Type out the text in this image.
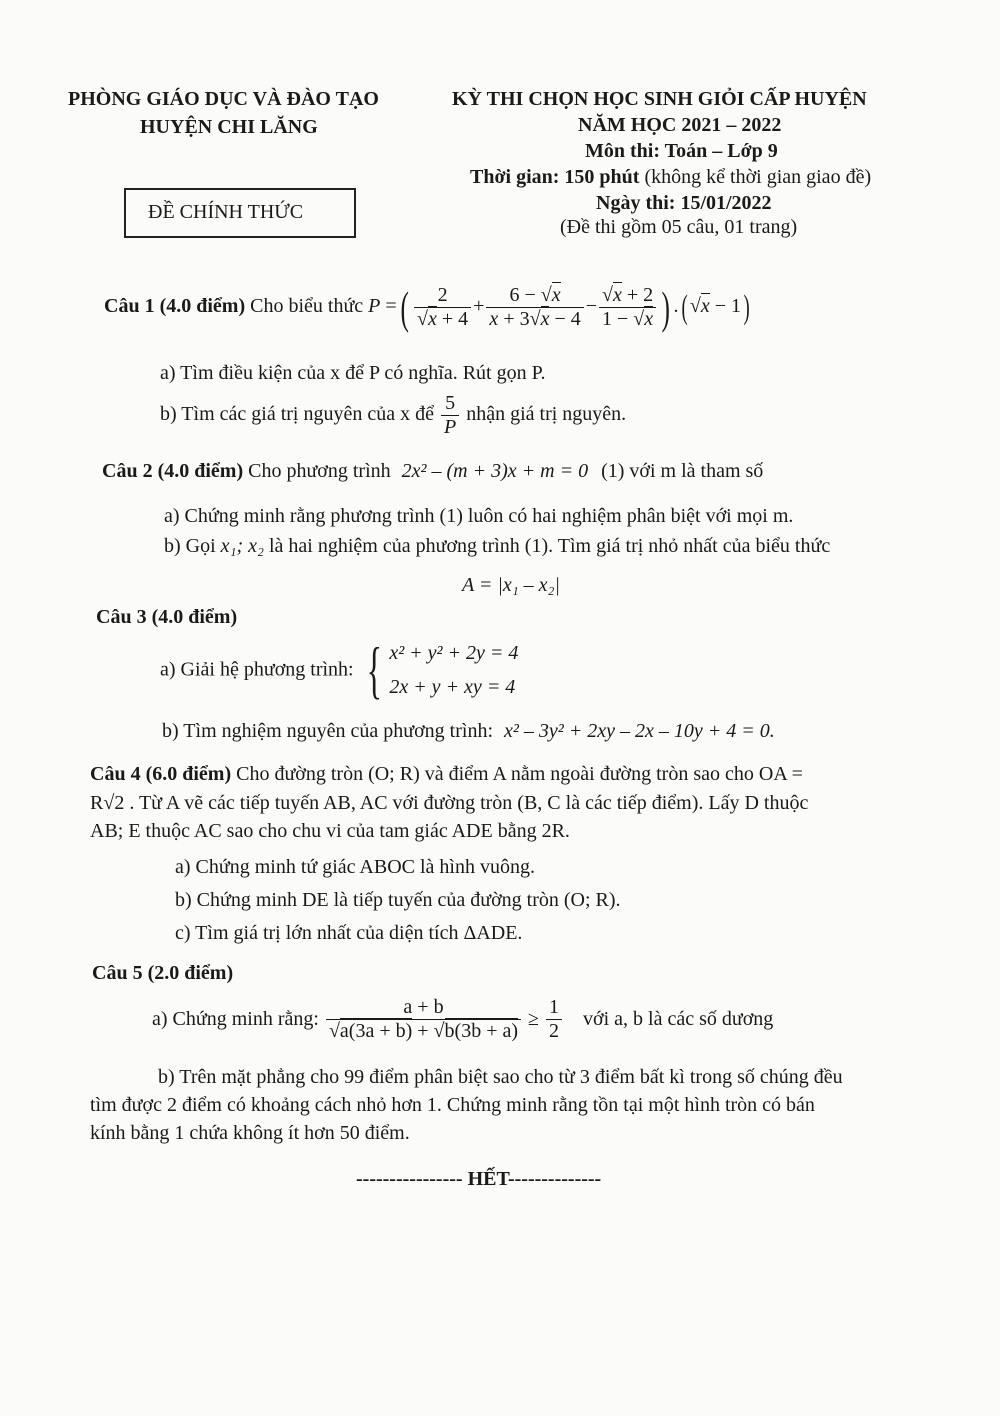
PHÒNG GIÁO DỤC VÀ ĐÀO TẠO
HUYỆN CHI LĂNG
ĐỀ CHÍNH THỨC
KỲ THI CHỌN HỌC SINH GIỎI CẤP HUYỆN
NĂM HỌC 2021 – 2022
Môn thi: Toán – Lớp 9
Thời gian: 150 phút (không kể thời gian giao đề)
Ngày thi: 15/01/2022
(Đề thi gồm 05 câu, 01 trang)
Câu 1 (4.0 điểm) Cho biểu thức P =( $\frac{2}{√x + 4} + \frac{6 - √x}{x + 3√x - 4} - \frac{√x + 2}{1 - √x}$ ) .( √x − 1)
a) Tìm điều kiện của x để P có nghĩa. Rút gọn P.
b) Tìm các giá trị nguyên của x để $\frac{5}{P}$ nhận giá trị nguyên.
Câu 2 (4.0 điểm) Cho phương trình 2x² – (m + 3)x + m = 0 (1) với m là tham số
a) Chứng minh rằng phương trình (1) luôn có hai nghiệm phân biệt với mọi m.
b) Gọi x₁; x₂ là hai nghiệm của phương trình (1). Tìm giá trị nhỏ nhất của biểu thức
A = |x₁ – x₂|
Câu 3 (4.0 điểm)
a) Giải hệ phương trình: { x² + y² + 2y = 4
2x + y + xy = 4
b) Tìm nghiệm nguyên của phương trình: x² – 3y² + 2xy – 2x – 10y + 4 = 0.
Câu 4 (6.0 điểm) Cho đường tròn (O; R) và điểm A nằm ngoài đường tròn sao cho OA =
R√2 . Từ A vẽ các tiếp tuyến AB, AC với đường tròn (B, C là các tiếp điểm). Lấy D thuộc
AB; E thuộc AC sao cho chu vi của tam giác ADE bằng 2R.
a) Chứng minh tứ giác ABOC là hình vuông.
b) Chứng minh DE là tiếp tuyến của đường tròn (O; R).
c) Tìm giá trị lớn nhất của diện tích ΔADE.
Câu 5 (2.0 điểm)
a) Chứng minh rằng: $\frac{a + b}{√a(3a + b) + √b(3b + a)} \ge \frac{1}{2}$ với a, b là các số dương
b) Trên mặt phẳng cho 99 điểm phân biệt sao cho từ 3 điểm bất kì trong số chúng đều
tìm được 2 điểm có khoảng cách nhỏ hơn 1. Chứng minh rằng tồn tại một hình tròn có bán
kính bằng 1 chứa không ít hơn 50 điểm.
---------------- HẾT--------------
